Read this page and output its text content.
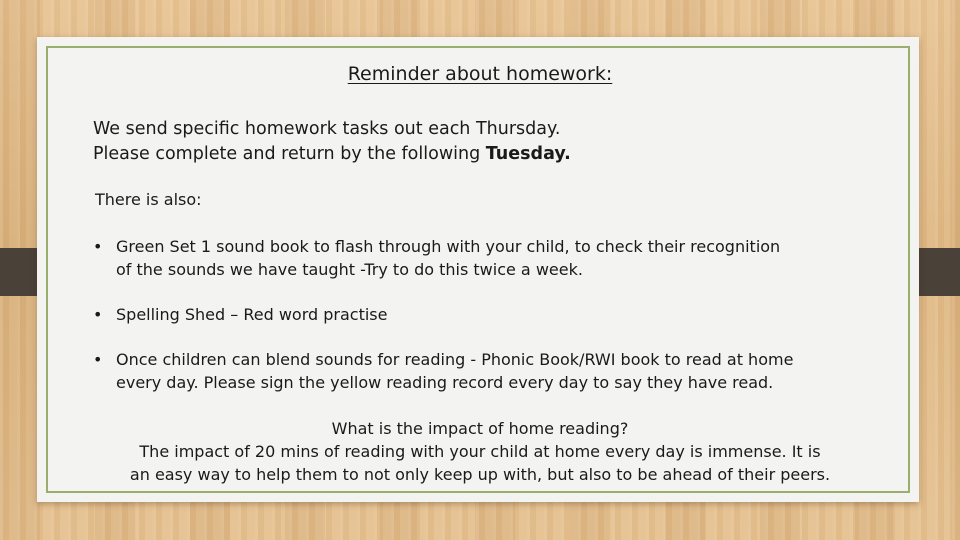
Reminder about homework:
We send specific homework tasks out each Thursday.
Please complete and return by the following Tuesday.
There is also:
• Green Set 1 sound book to flash through with your child, to check their recognition
of the sounds we have taught -Try to do this twice a week.
• Spelling Shed – Red word practise
• Once children can blend sounds for reading - Phonic Book/RWI book to read at home
every day. Please sign the yellow reading record every day to say they have read.
What is the impact of home reading?
The impact of 20 mins of reading with your child at home every day is immense. It is
an easy way to help them to not only keep up with, but also to be ahead of their peers.
